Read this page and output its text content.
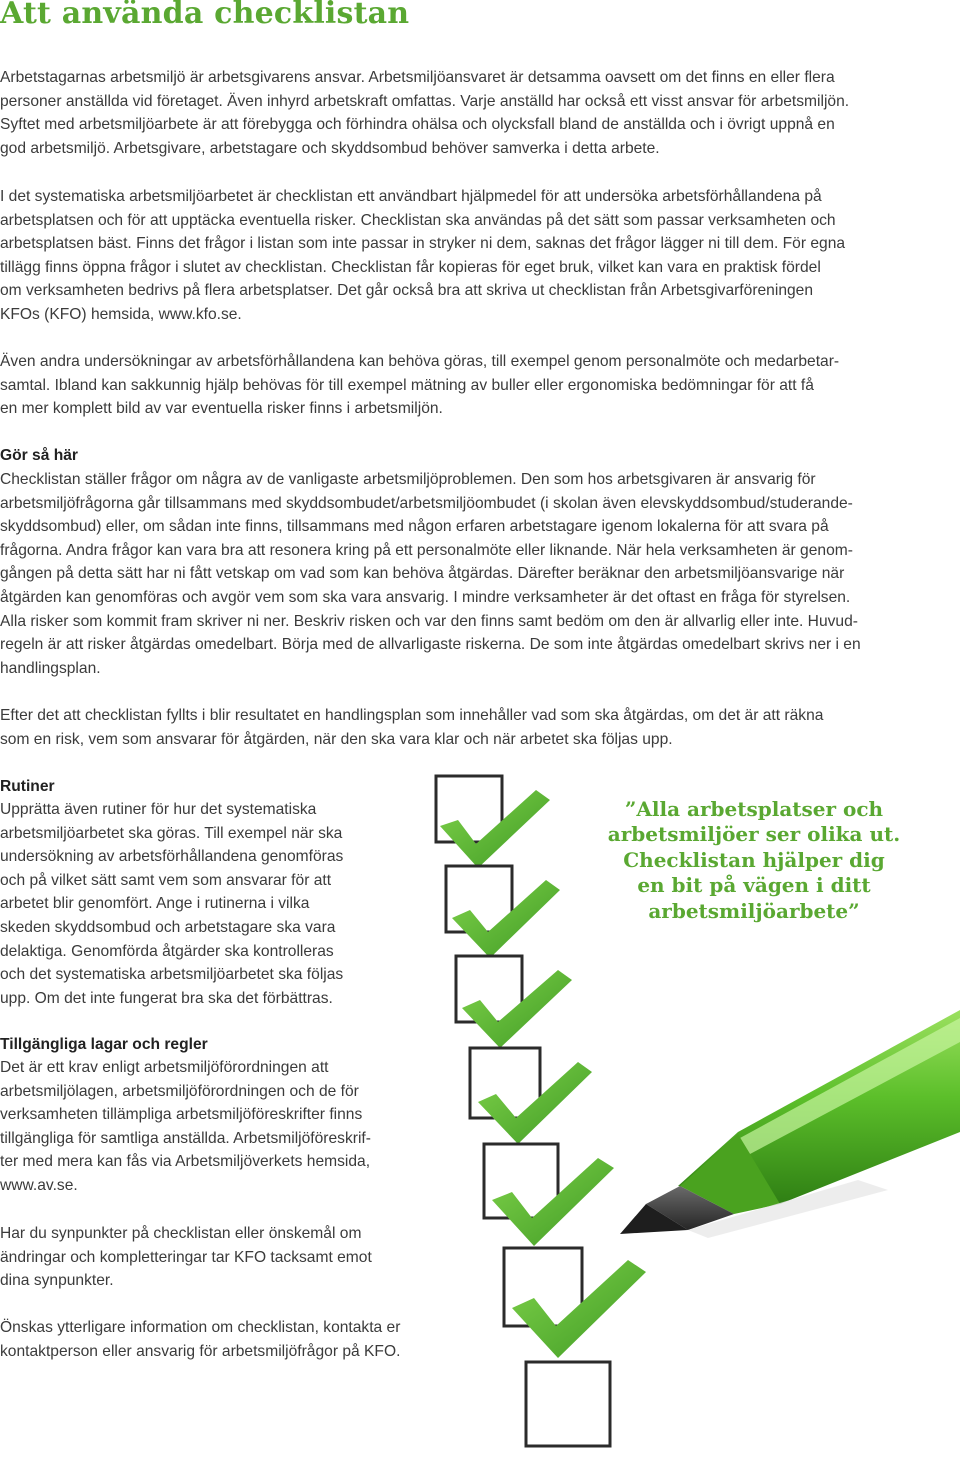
Att använda checklistan
Arbetstagarnas arbetsmiljö är arbetsgivarens ansvar. Arbetsmiljöansvaret är detsamma oavsett om det finns en eller flera
personer anställda vid företaget. Även inhyrd arbetskraft omfattas. Varje anställd har också ett visst ansvar för arbetsmiljön.
Syftet med arbetsmiljöarbete är att förebygga och förhindra ohälsa och olycksfall bland de anställda och i övrigt uppnå en
god arbetsmiljö. Arbetsgivare, arbetstagare och skyddsombud behöver samverka i detta arbete.
I det systematiska arbetsmiljöarbetet är checklistan ett användbart hjälpmedel för att undersöka arbetsförhållandena på
arbetsplatsen och för att upptäcka eventuella risker. Checklistan ska användas på det sätt som passar verksamheten och
arbetsplatsen bäst. Finns det frågor i listan som inte passar in stryker ni dem, saknas det frågor lägger ni till dem. För egna
tillägg finns öppna frågor i slutet av checklistan. Checklistan får kopieras för eget bruk, vilket kan vara en praktisk fördel
om verksamheten bedrivs på flera arbetsplatser. Det går också bra att skriva ut checklistan från Arbetsgivarföreningen
KFOs (KFO) hemsida, www.kfo.se.
Även andra undersökningar av arbetsförhållandena kan behöva göras, till exempel genom personalmöte och medarbetar-
samtal. Ibland kan sakkunnig hjälp behövas för till exempel mätning av buller eller ergonomiska bedömningar för att få
en mer komplett bild av var eventuella risker finns i arbetsmiljön.
Gör så här
Checklistan ställer frågor om några av de vanligaste arbetsmiljöproblemen. Den som hos arbetsgivaren är ansvarig för
arbetsmiljöfrågorna går tillsammans med skyddsombudet/arbetsmiljöombudet (i skolan även elevskyddsombud/studerande-
skyddsombud) eller, om sådan inte finns, tillsammans med någon erfaren arbetstagare igenom lokalerna för att svara på
frågorna. Andra frågor kan vara bra att resonera kring på ett personalmöte eller liknande. När hela verksamheten är genom-
gången på detta sätt har ni fått vetskap om vad som kan behöva åtgärdas. Därefter beräknar den arbetsmiljöansvarige när
åtgärden kan genomföras och avgör vem som ska vara ansvarig. I mindre verksamheter är det oftast en fråga för styrelsen.
Alla risker som kommit fram skriver ni ner. Beskriv risken och var den finns samt bedöm om den är allvarlig eller inte. Huvud-
regeln är att risker åtgärdas omedelbart. Börja med de allvarligaste riskerna. De som inte åtgärdas omedelbart skrivs ner i en
handlingsplan.
Efter det att checklistan fyllts i blir resultatet en handlingsplan som innehåller vad som ska åtgärdas, om det är att räkna
som en risk, vem som ansvarar för åtgärden, när den ska vara klar och när arbetet ska följas upp.
Rutiner
Upprätta även rutiner för hur det systematiska
arbetsmiljöarbetet ska göras. Till exempel när ska
undersökning av arbetsförhållandena genomföras
och på vilket sätt samt vem som ansvarar för att
arbetet blir genomfört. Ange i rutinerna i vilka
skeden skyddsombud och arbetstagare ska vara
delaktiga. Genomförda åtgärder ska kontrolleras
och det systematiska arbetsmiljöarbetet ska följas
upp. Om det inte fungerat bra ska det förbättras.
Tillgängliga lagar och regler
Det är ett krav enligt arbetsmiljöförordningen att
arbetsmiljölagen, arbetsmiljöförordningen och de för
verksamheten tillämpliga arbetsmiljöföreskrifter finns
tillgängliga för samtliga anställda. Arbetsmiljöföreskrif-
ter med mera kan fås via Arbetsmiljöverkets hemsida,
www.av.se.
Har du synpunkter på checklistan eller önskemål om
ändringar och kompletteringar tar KFO tacksamt emot
dina synpunkter.
Önskas ytterligare information om checklistan, kontakta er
kontaktperson eller ansvarig för arbetsmiljöfrågor på KFO.
”Alla arbetsplatser och
arbetsmiljöer ser olika ut.
Checklistan hjälper dig
en bit på vägen i ditt
arbetsmiljöarbete”
